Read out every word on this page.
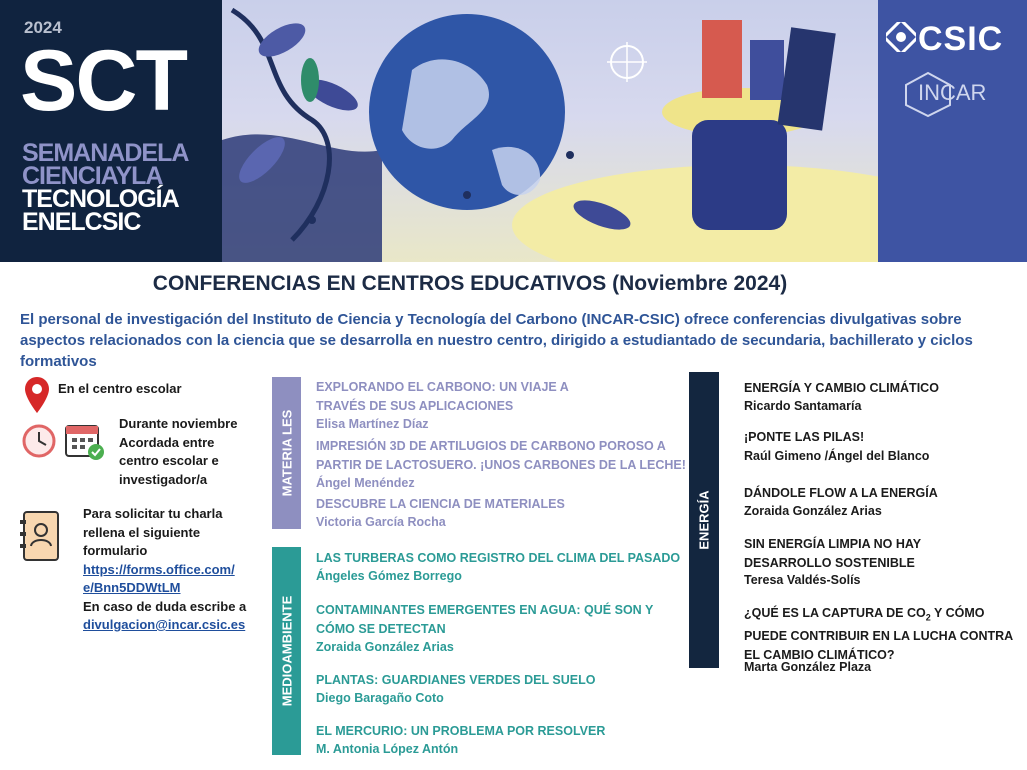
2024
SCT
SEMANADELA
CIENCIAYLA
TECNOLOGÍA
ENELCSIC
CSIC
INCAR
CONFERENCIAS EN CENTROS EDUCATIVOS (Noviembre 2024)
El personal de investigación del Instituto de Ciencia y Tecnología del Carbono (INCAR-CSIC) ofrece conferencias divulgativas sobre aspectos relacionados con la ciencia que se desarrolla en nuestro centro, dirigido a estudiantado de secundaria, bachillerato y ciclos formativos
En el centro escolar
Durante noviembre
Acordada entre
centro escolar e
investigador/a
Para solicitar tu charla
rellena el siguiente
formulario
https://forms.office.com/
e/Bnn5DDWtLM
En caso de duda escribe a
divulgacion@incar.csic.es
MATERIA LES
EXPLORANDO EL CARBONO: UN VIAJE A
TRAVÉS DE SUS APLICACIONES
Elisa Martínez Díaz
IMPRESIÓN 3D DE ARTILUGIOS DE CARBONO POROSO A
PARTIR DE LACTOSUERO. ¡UNOS CARBONES DE LA LECHE!
Ángel Menéndez
DESCUBRE LA CIENCIA DE MATERIALES
Victoria García Rocha
MEDIOAMBIENTE
LAS TURBERAS COMO REGISTRO DEL CLIMA DEL PASADO
Ángeles Gómez Borrego
CONTAMINANTES EMERGENTES EN AGUA: QUÉ SON Y
CÓMO SE DETECTAN
Zoraida González Arias
PLANTAS: GUARDIANES VERDES DEL SUELO
Diego Baragaño Coto
EL MERCURIO: UN PROBLEMA POR RESOLVER
M. Antonia López Antón
ENERGÍA
ENERGÍA Y CAMBIO CLIMÁTICO
Ricardo Santamaría
¡PONTE LAS PILAS!
Raúl Gimeno /Ángel del Blanco
DÁNDOLE FLOW A LA ENERGÍA
Zoraida González Arias
SIN ENERGÍA LIMPIA NO HAY
DESARROLLO SOSTENIBLE
Teresa Valdés-Solís
¿QUÉ ES LA CAPTURA DE $CO_2$ Y CÓMO
PUEDE CONTRIBUIR EN LA LUCHA CONTRA
EL CAMBIO CLIMÁTICO?
Marta González Plaza
